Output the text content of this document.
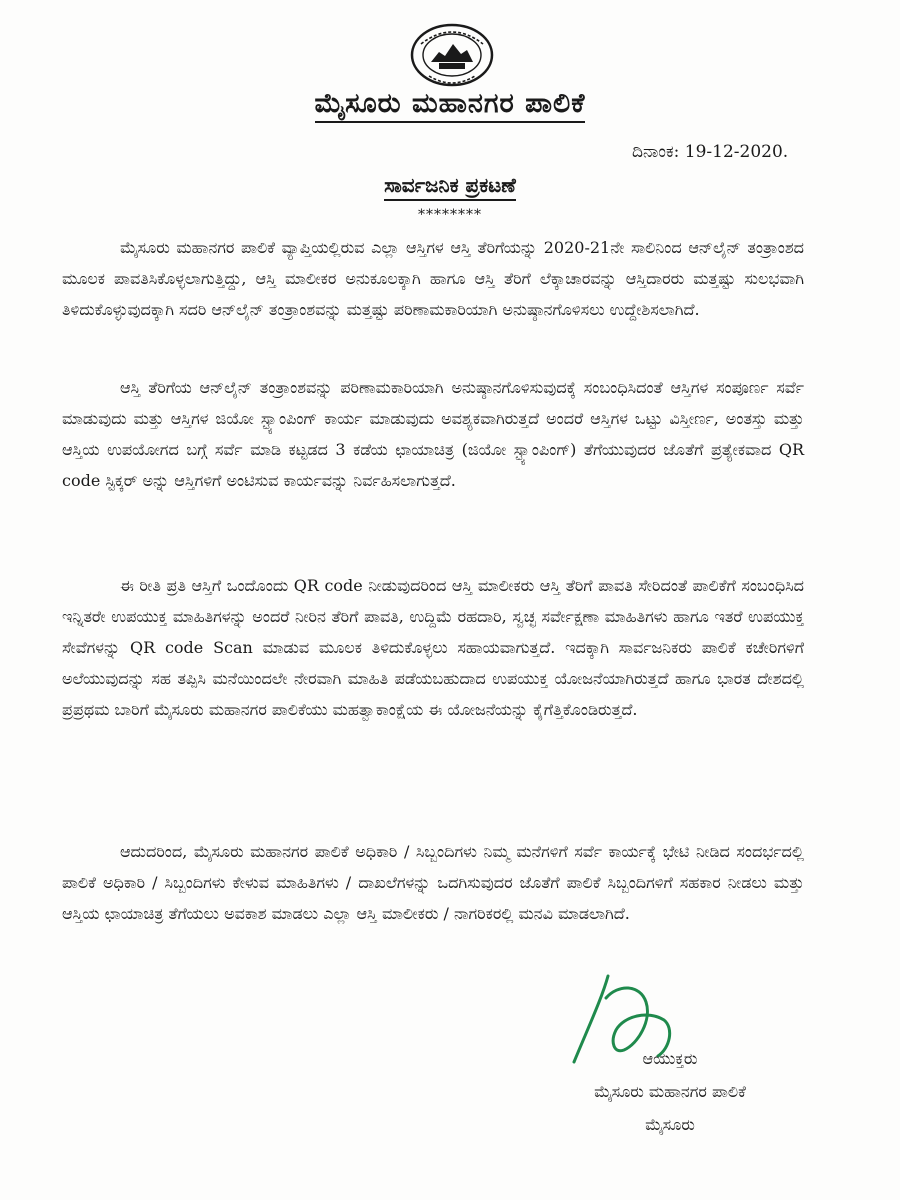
ಮೈಸೂರು ಮಹಾನಗರ ಪಾಲಿಕೆ
ದಿನಾಂಕ: 19-12-2020.
ಸಾರ್ವಜನಿಕ ಪ್ರಕಟಣೆ
********

ಮೈಸೂರು ಮಹಾನಗರ ಪಾಲಿಕೆ ವ್ಯಾಪ್ತಿಯಲ್ಲಿರುವ ಎಲ್ಲಾ ಆಸ್ತಿಗಳ ಆಸ್ತಿ ತೆರಿಗೆಯನ್ನು 2020-21ನೇ ಸಾಲಿನಿಂದ ಆನ್‌ಲೈನ್ ತಂತ್ರಾಂಶದ ಮೂಲಕ ಪಾವತಿಸಿಕೊಳ್ಳಲಾಗುತ್ತಿದ್ದು, ಆಸ್ತಿ ಮಾಲೀಕರ ಅನುಕೂಲಕ್ಕಾಗಿ ಹಾಗೂ ಆಸ್ತಿ ತೆರಿಗೆ ಲೆಕ್ಕಾಚಾರವನ್ನು ಆಸ್ತಿದಾರರು ಮತ್ತಷ್ಟು ಸುಲಭವಾಗಿ ತಿಳಿದುಕೊಳ್ಳುವುದಕ್ಕಾಗಿ ಸದರಿ ಆನ್‌ಲೈನ್ ತಂತ್ರಾಂಶವನ್ನು ಮತ್ತಷ್ಟು ಪರಿಣಾಮಕಾರಿಯಾಗಿ ಅನುಷ್ಠಾನಗೊಳಿಸಲು ಉದ್ದೇಶಿಸಲಾಗಿದೆ.

ಆಸ್ತಿ ತೆರಿಗೆಯ ಆನ್‌ಲೈನ್ ತಂತ್ರಾಂಶವನ್ನು ಪರಿಣಾಮಕಾರಿಯಾಗಿ ಅನುಷ್ಠಾನಗೊಳಿಸುವುದಕ್ಕೆ ಸಂಬಂಧಿಸಿದಂತೆ ಆಸ್ತಿಗಳ ಸಂಪೂರ್ಣ ಸರ್ವೆ ಮಾಡುವುದು ಮತ್ತು ಆಸ್ತಿಗಳ ಜಿಯೋ ಸ್ಟ್ಯಾಂಪಿಂಗ್ ಕಾರ್ಯ ಮಾಡುವುದು ಅವಶ್ಯಕವಾಗಿರುತ್ತದೆ ಅಂದರೆ ಆಸ್ತಿಗಳ ಒಟ್ಟು ವಿಸ್ತೀರ್ಣ, ಅಂತಸ್ತು ಮತ್ತು ಆಸ್ತಿಯ ಉಪಯೋಗದ ಬಗ್ಗೆ ಸರ್ವೆ ಮಾಡಿ ಕಟ್ಟಡದ 3 ಕಡೆಯ ಛಾಯಾಚಿತ್ರ (ಜಿಯೋ ಸ್ಟ್ಯಾಂಪಿಂಗ್) ತೆಗೆಯುವುದರ ಜೊತೆಗೆ ಪ್ರತ್ಯೇಕವಾದ QR code ಸ್ಟಿಕ್ಕರ್ ಅನ್ನು ಆಸ್ತಿಗಳಿಗೆ ಅಂಟಿಸುವ ಕಾರ್ಯವನ್ನು ನಿರ್ವಹಿಸಲಾಗುತ್ತದೆ.

ಈ ರೀತಿ ಪ್ರತಿ ಆಸ್ತಿಗೆ ಒಂದೊಂದು QR code ನೀಡುವುದರಿಂದ ಆಸ್ತಿ ಮಾಲೀಕರು ಆಸ್ತಿ ತೆರಿಗೆ ಪಾವತಿ ಸೇರಿದಂತೆ ಪಾಲಿಕೆಗೆ ಸಂಬಂಧಿಸಿದ ಇನ್ನಿತರೇ ಉಪಯುಕ್ತ ಮಾಹಿತಿಗಳನ್ನು ಅಂದರೆ ನೀರಿನ ತೆರಿಗೆ ಪಾವತಿ, ಉದ್ದಿಮೆ ರಹದಾರಿ, ಸ್ವಚ್ಛ ಸರ್ವೇಕ್ಷಣಾ ಮಾಹಿತಿಗಳು ಹಾಗೂ ಇತರೆ ಉಪಯುಕ್ತ ಸೇವೆಗಳನ್ನು QR code Scan ಮಾಡುವ ಮೂಲಕ ತಿಳಿದುಕೊಳ್ಳಲು ಸಹಾಯವಾಗುತ್ತದೆ. ಇದಕ್ಕಾಗಿ ಸಾರ್ವಜನಿಕರು ಪಾಲಿಕೆ ಕಚೇರಿಗಳಿಗೆ ಅಲೆಯುವುದನ್ನು ಸಹ ತಪ್ಪಿಸಿ ಮನೆಯಿಂದಲೇ ನೇರವಾಗಿ ಮಾಹಿತಿ ಪಡೆಯಬಹುದಾದ ಉಪಯುಕ್ತ ಯೋಜನೆಯಾಗಿರುತ್ತದೆ ಹಾಗೂ ಭಾರತ ದೇಶದಲ್ಲಿ ಪ್ರಪ್ರಥಮ ಬಾರಿಗೆ ಮೈಸೂರು ಮಹಾನಗರ ಪಾಲಿಕೆಯು ಮಹತ್ವಾಕಾಂಕ್ಷೆಯ ಈ ಯೋಜನೆಯನ್ನು ಕೈಗೆತ್ತಿಕೊಂಡಿರುತ್ತದೆ.

ಆದುದರಿಂದ, ಮೈಸೂರು ಮಹಾನಗರ ಪಾಲಿಕೆ ಅಧಿಕಾರಿ / ಸಿಬ್ಬಂದಿಗಳು ನಿಮ್ಮ ಮನೆಗಳಿಗೆ ಸರ್ವೆ ಕಾರ್ಯಕ್ಕೆ ಭೇಟಿ ನೀಡಿದ ಸಂದರ್ಭದಲ್ಲಿ ಪಾಲಿಕೆ ಅಧಿಕಾರಿ / ಸಿಬ್ಬಂದಿಗಳು ಕೇಳುವ ಮಾಹಿತಿಗಳು / ದಾಖಲೆಗಳನ್ನು ಒದಗಿಸುವುದರ ಜೊತೆಗೆ ಪಾಲಿಕೆ ಸಿಬ್ಬಂದಿಗಳಿಗೆ ಸಹಕಾರ ನೀಡಲು ಮತ್ತು ಆಸ್ತಿಯ ಛಾಯಾಚಿತ್ರ ತೆಗೆಯಲು ಅವಕಾಶ ಮಾಡಲು ಎಲ್ಲಾ ಆಸ್ತಿ ಮಾಲೀಕರು / ನಾಗರಿಕರಲ್ಲಿ ಮನವಿ ಮಾಡಲಾಗಿದೆ.

ಆಯುಕ್ತರು
ಮೈಸೂರು ಮಹಾನಗರ ಪಾಲಿಕೆ
ಮೈಸೂರು
